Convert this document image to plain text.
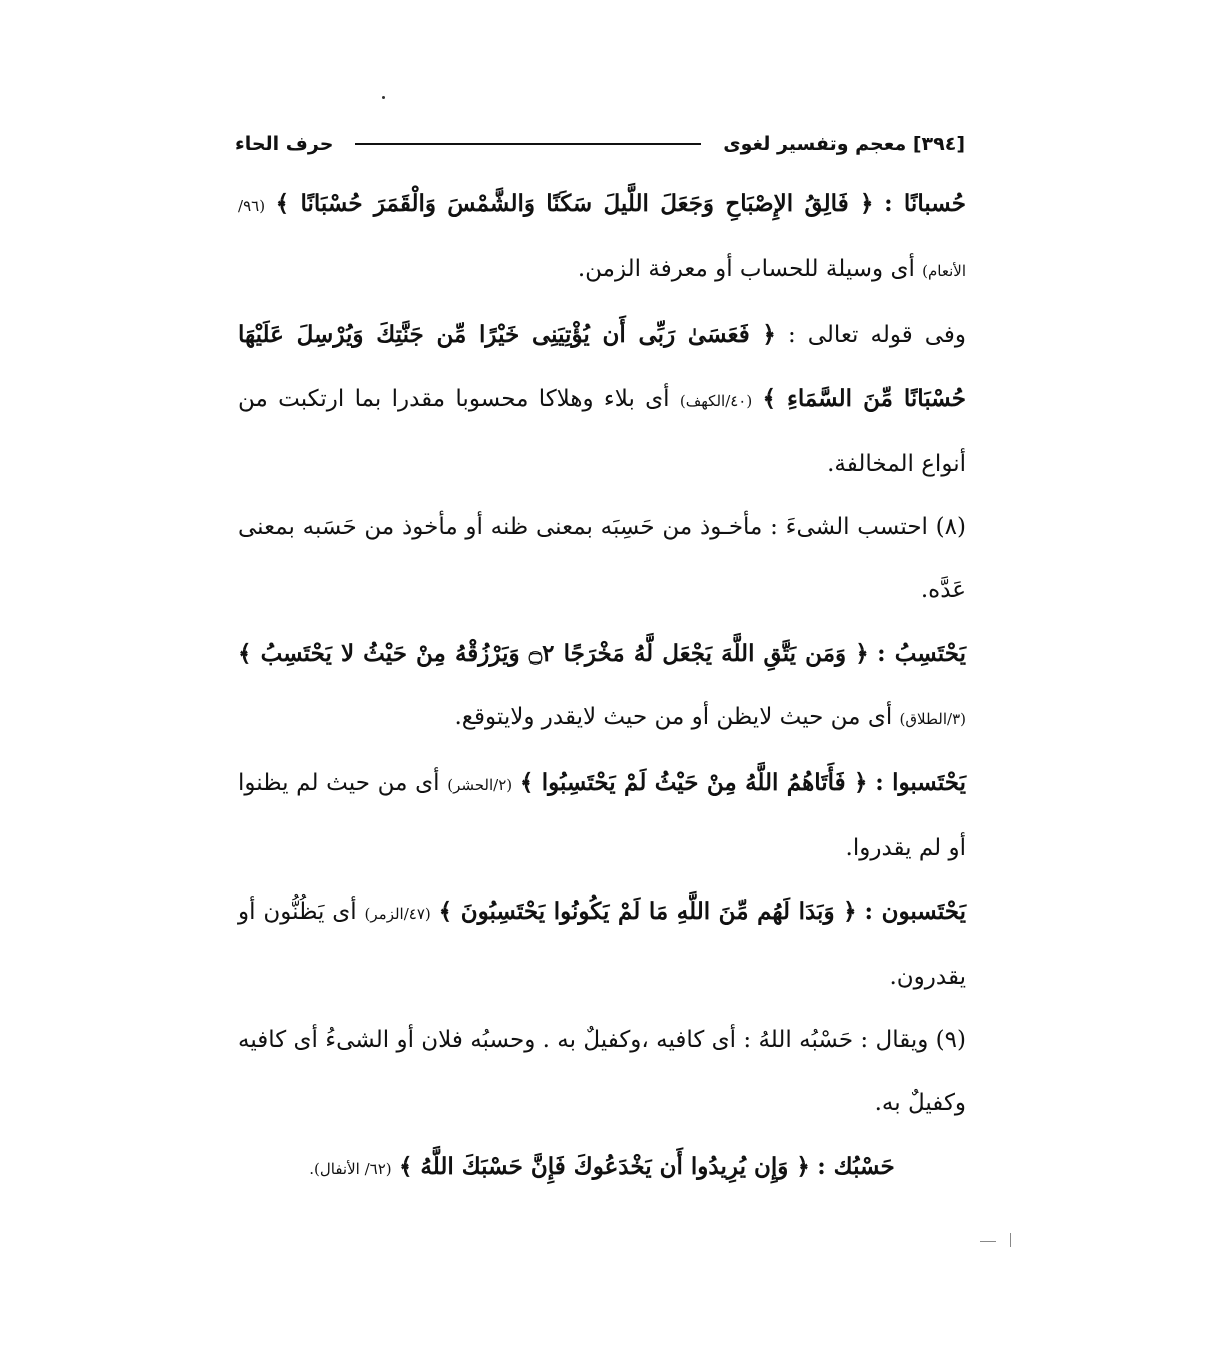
[٣٩٤] معجم وتفسير لغوى
حرف الحاء

حُسبانًا : ﴿ فَالِقُ الإِصْبَاحِ وَجَعَلَ اللَّيلَ سَكَنًا وَالشَّمْسَ وَالْقَمَرَ حُسْبَانًا ﴾ (٩٦/الأنعام) أى وسيلة للحساب أو معرفة الزمن.

وفى قوله تعالى : ﴿ فَعَسَىٰ رَبِّى أَن يُؤْتِيَنِى خَيْرًا مِّن جَنَّتِكَ وَيُرْسِلَ عَلَيْهَا حُسْبَانًا مِّنَ السَّمَاءِ ﴾ (٤٠/الكهف) أى بلاء وهلاكا محسوبا مقدرا بما ارتكبت من أنواع المخالفة.

(٨) احتسب الشىءَ : مأخـوذ من حَسِبَه بمعنى ظنه أو مأخوذ من حَسَبه بمعنى عَدَّه.

يَحْتَسِبُ : ﴿ وَمَن يَتَّقِ اللَّهَ يَجْعَل لَّهُ مَخْرَجًا ۝٢ وَيَرْزُقْهُ مِنْ حَيْثُ لا يَحْتَسِبُ ﴾ (٣/الطلاق) أى من حيث لايظن أو من حيث لايقدر ولايتوقع.

يَحْتَسبوا : ﴿ فَأَتَاهُمُ اللَّهُ مِنْ حَيْثُ لَمْ يَحْتَسِبُوا ﴾ (٢/الحشر) أى من حيث لم يظنوا أو لم يقدروا.

يَحْتَسبون : ﴿ وَبَدَا لَهُم مِّنَ اللَّهِ مَا لَمْ يَكُونُوا يَحْتَسِبُونَ ﴾ (٤٧/الزمر) أى يَظُنُّون أو يقدرون.

(٩) ويقال : حَسْبُه اللهُ : أى كافيه ،وكفيلٌ به . وحسبُه فلان أو الشىءُ أى كافيه وكفيلٌ به.

حَسْبُك : ﴿ وَإِن يُرِيدُوا أَن يَخْدَعُوكَ فَإِنَّ حَسْبَكَ اللَّهُ ﴾ (٦٢/ الأنفال).
